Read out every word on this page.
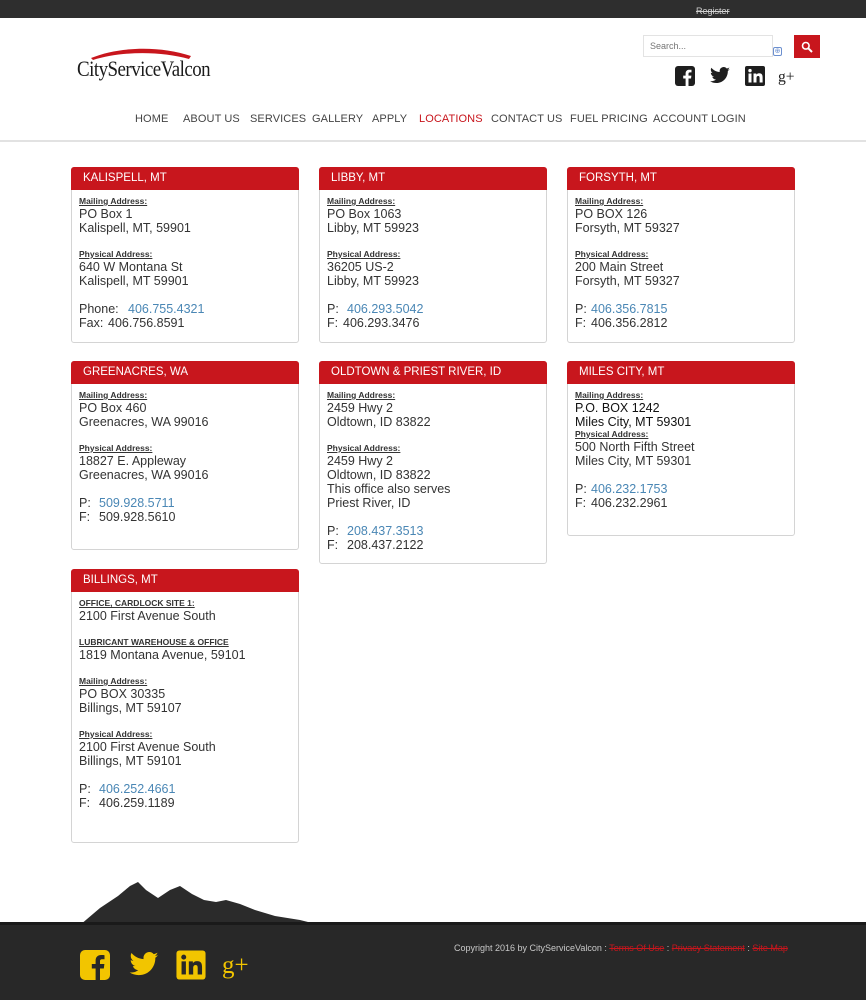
Register
CityServiceValcon
Search...
⊕
g+
HOME ABOUT US SERVICES GALLERY APPLY LOCATIONS CONTACT US FUEL PRICING ACCOUNT LOGIN
KALISPELL, MT
Mailing Address:
PO Box 1
Kalispell, MT, 59901
Physical Address:
640 W Montana St
Kalispell, MT 59901
Phone: 406.755.4321
Fax: 406.756.8591
LIBBY, MT
Mailing Address:
PO Box 1063
Libby, MT 59923
Physical Address:
36205 US-2
Libby, MT 59923
P: 406.293.5042
F: 406.293.3476
FORSYTH, MT
Mailing Address:
PO BOX 126
Forsyth, MT 59327
Physical Address:
200 Main Street
Forsyth, MT 59327
P: 406.356.7815
F: 406.356.2812
GREENACRES, WA
Mailing Address:
PO Box 460
Greenacres, WA 99016
Physical Address:
18827 E. Appleway
Greenacres, WA 99016
P: 509.928.5711
F: 509.928.5610
OLDTOWN & PRIEST RIVER, ID
Mailing Address:
2459 Hwy 2
Oldtown, ID 83822
Physical Address:
2459 Hwy 2
Oldtown, ID 83822
This office also serves
Priest River, ID
P: 208.437.3513
F: 208.437.2122
MILES CITY, MT
Mailing Address:
P.O. BOX 1242
Miles City, MT 59301
Physical Address:
500 North Fifth Street
Miles City, MT 59301
P: 406.232.1753
F: 406.232.2961
BILLINGS, MT
OFFICE, CARDLOCK SITE 1:
2100 First Avenue South
LUBRICANT WAREHOUSE & OFFICE
1819 Montana Avenue, 59101
Mailing Address:
PO BOX 30335
Billings, MT 59107
Physical Address:
2100 First Avenue South
Billings, MT 59101
P: 406.252.4661
F: 406.259.1189
Copyright 2016 by CityServiceValcon : Terms Of Use : Privacy Statement : Site Map
g+
